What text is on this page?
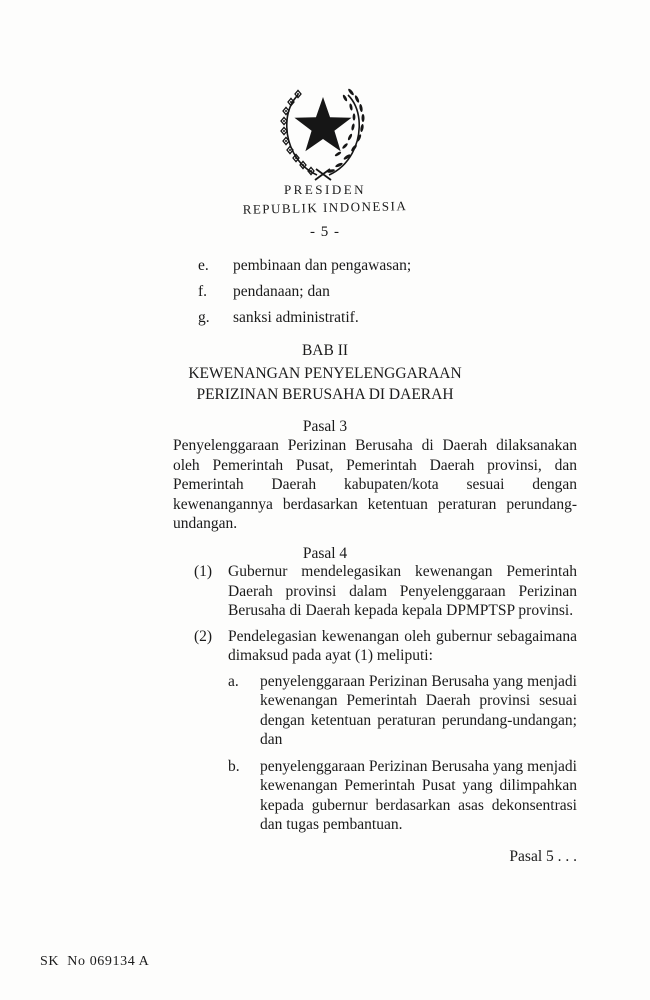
PRESIDEN
REPUBLIK INDONESIA
- 5 -
e.	pembinaan dan pengawasan;
f.	pendanaan; dan
g.	sanksi administratif.
BAB II
KEWENANGAN PENYELENGGARAAN
PERIZINAN BERUSAHA DI DAERAH
Pasal 3
Penyelenggaraan Perizinan Berusaha di Daerah dilaksanakan oleh Pemerintah Pusat, Pemerintah Daerah provinsi, dan Pemerintah Daerah kabupaten/kota sesuai dengan kewenangannya berdasarkan ketentuan peraturan perundang-undangan.
Pasal 4
(1)	Gubernur mendelegasikan kewenangan Pemerintah Daerah provinsi dalam Penyelenggaraan Perizinan Berusaha di Daerah kepada kepala DPMPTSP provinsi.
(2)	Pendelegasian kewenangan oleh gubernur sebagaimana dimaksud pada ayat (1) meliputi:
a.	penyelenggaraan Perizinan Berusaha yang menjadi kewenangan Pemerintah Daerah provinsi sesuai dengan ketentuan peraturan perundang-undangan; dan
b.	penyelenggaraan Perizinan Berusaha yang menjadi kewenangan Pemerintah Pusat yang dilimpahkan kepada gubernur berdasarkan asas dekonsentrasi dan tugas pembantuan.
Pasal 5 . . .
SK  No 069134 A
